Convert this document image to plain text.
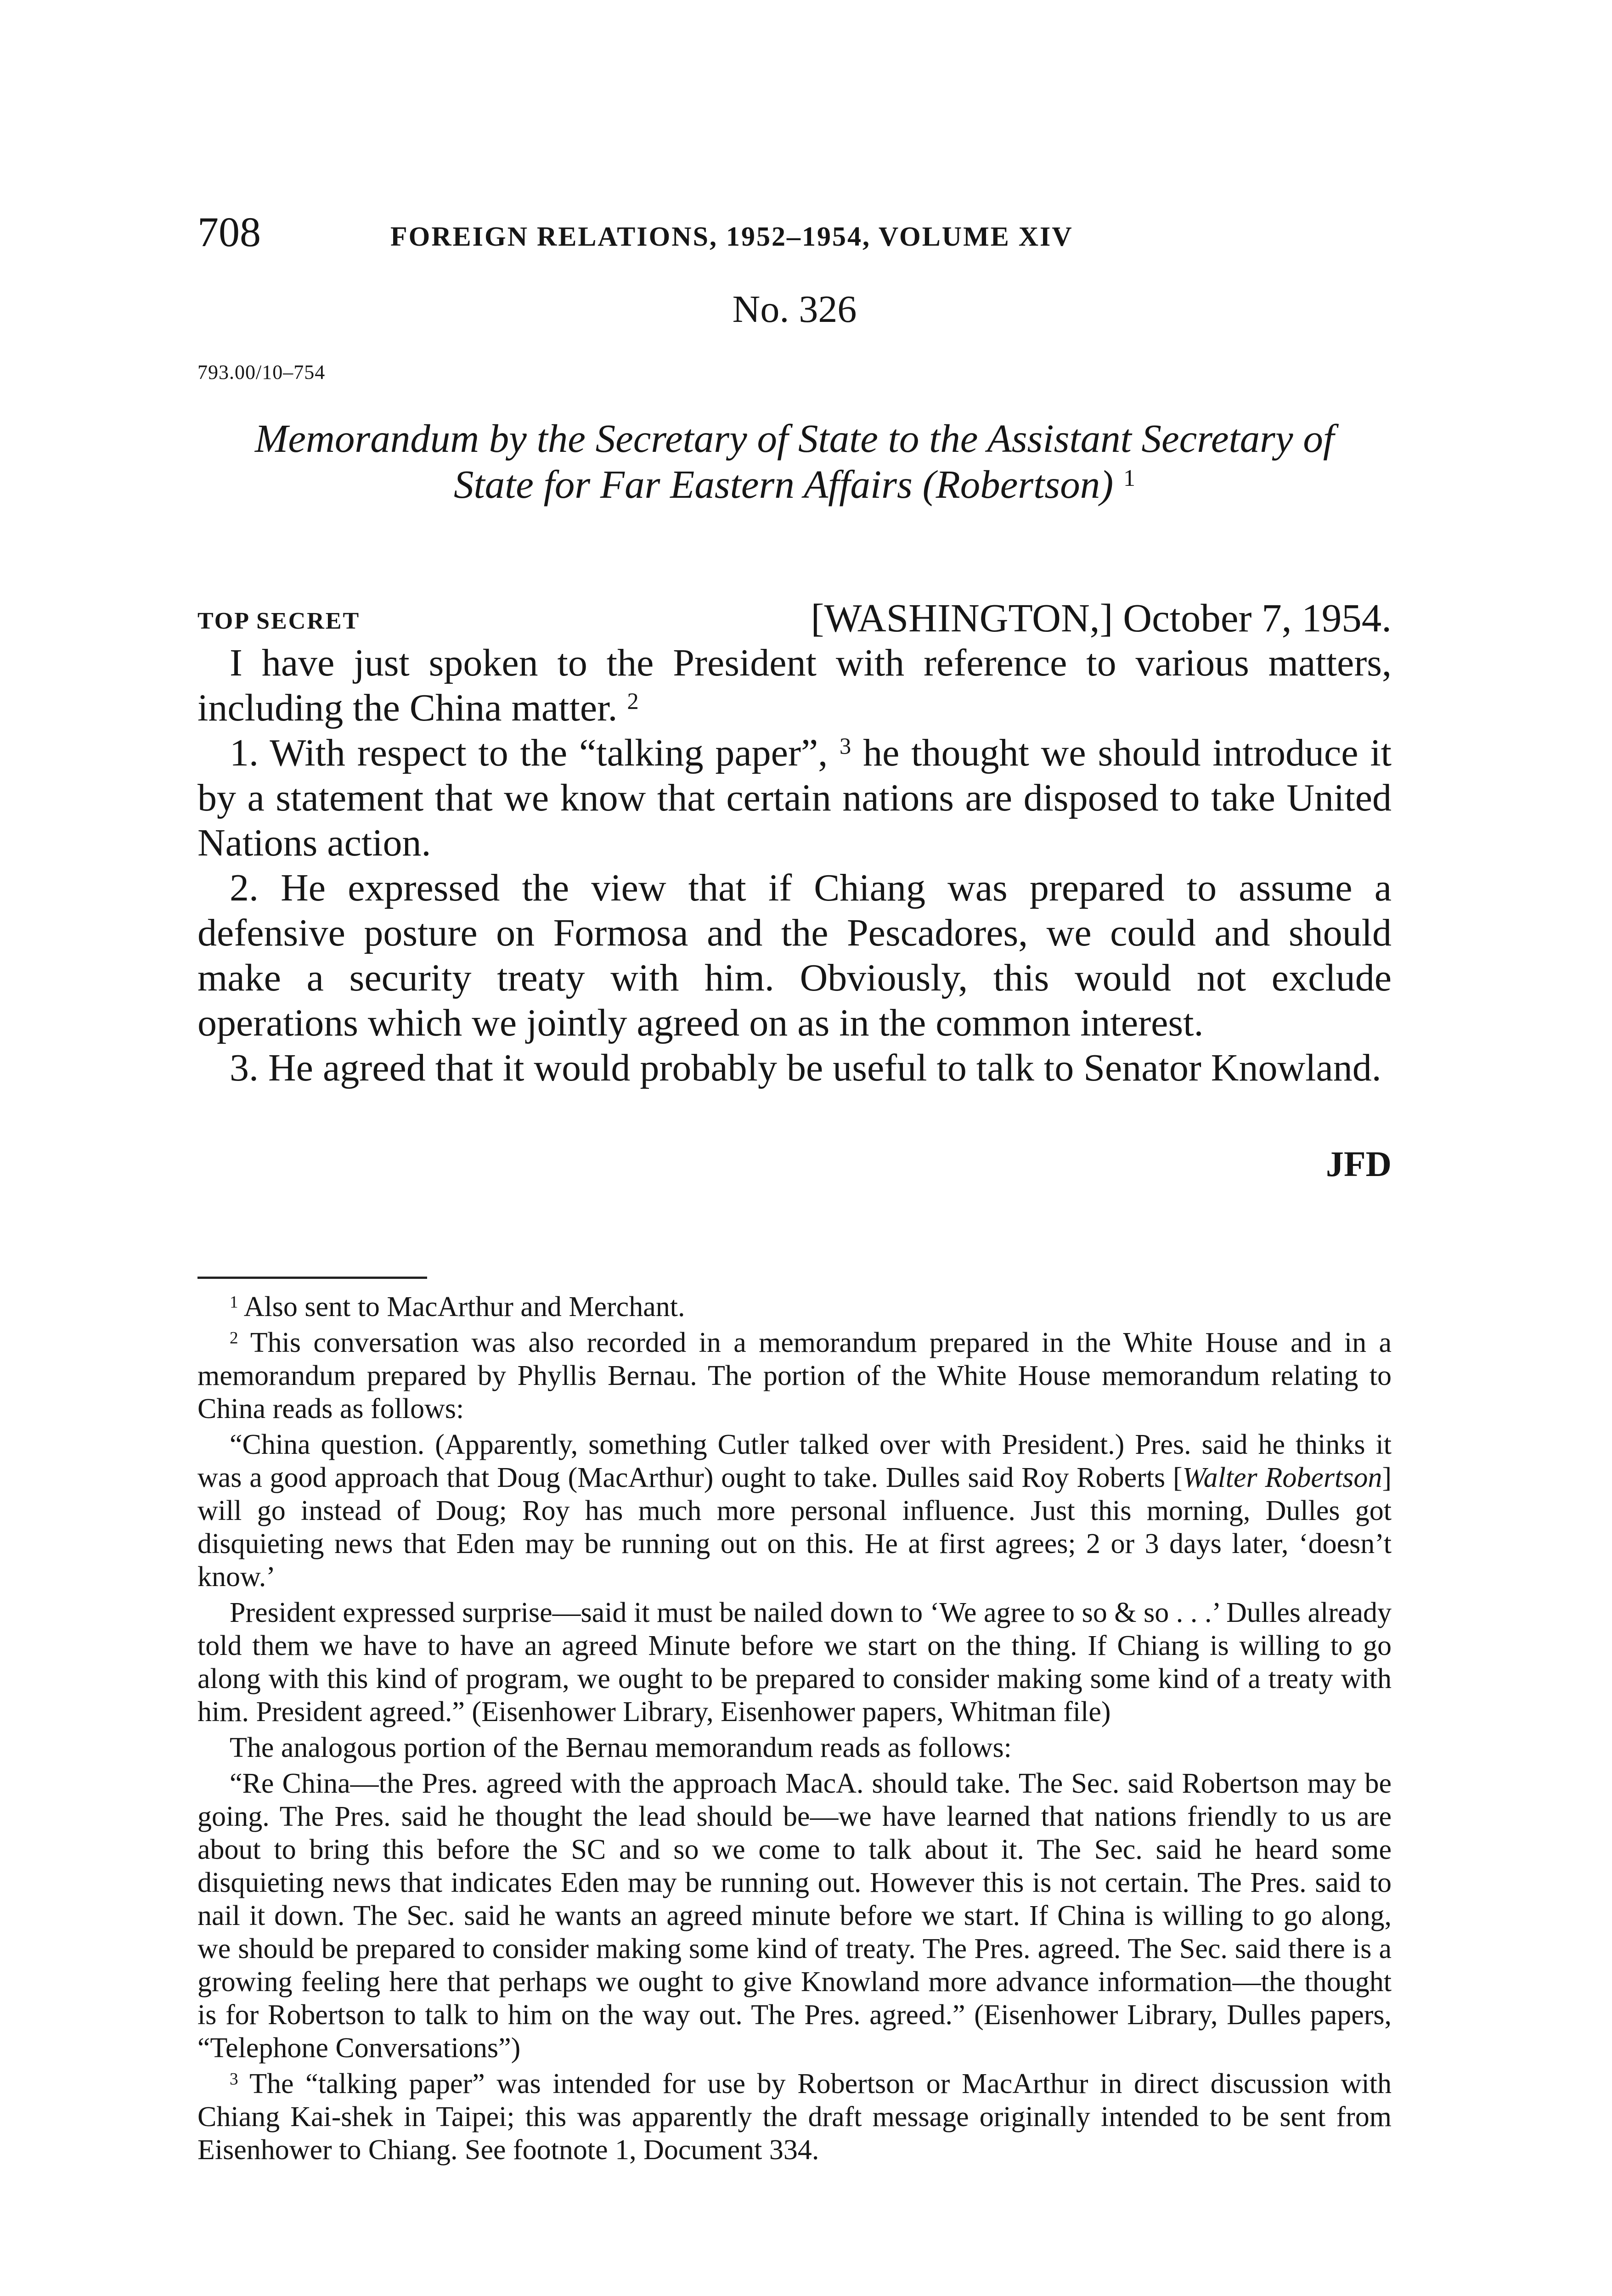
708	FOREIGN RELATIONS, 1952–1954, VOLUME XIV
No. 326
793.00/10–754
Memorandum by the Secretary of State to the Assistant Secretary of
State for Far Eastern Affairs (Robertson) $^1$
TOP SECRET	[WASHINGTON,] October 7, 1954.

I have just spoken to the President with reference to various matters, including the China matter. $^2$

1. With respect to the “talking paper”, $^3$ he thought we should introduce it by a statement that we know that certain nations are disposed to take United Nations action.

2. He expressed the view that if Chiang was prepared to assume a defensive posture on Formosa and the Pescadores, we could and should make a security treaty with him. Obviously, this would not exclude operations which we jointly agreed on as in the common interest.

3. He agreed that it would probably be useful to talk to Senator Knowland.

JFD

$^1$ Also sent to MacArthur and Merchant.

$^2$ This conversation was also recorded in a memorandum prepared in the White House and in a memorandum prepared by Phyllis Bernau. The portion of the White House memorandum relating to China reads as follows:

“China question. (Apparently, something Cutler talked over with President.) Pres. said he thinks it was a good approach that Doug (MacArthur) ought to take. Dulles said Roy Roberts [Walter Robertson] will go instead of Doug; Roy has much more personal influence. Just this morning, Dulles got disquieting news that Eden may be running out on this. He at first agrees; 2 or 3 days later, ‘doesn’t know.’

President expressed surprise—said it must be nailed down to ‘We agree to so & so . . .’ Dulles already told them we have to have an agreed Minute before we start on the thing. If Chiang is willing to go along with this kind of program, we ought to be prepared to consider making some kind of a treaty with him. President agreed.” (Eisenhower Library, Eisenhower papers, Whitman file)

The analogous portion of the Bernau memorandum reads as follows:

“Re China—the Pres. agreed with the approach MacA. should take. The Sec. said Robertson may be going. The Pres. said he thought the lead should be—we have learned that nations friendly to us are about to bring this before the SC and so we come to talk about it. The Sec. said he heard some disquieting news that indicates Eden may be running out. However this is not certain. The Pres. said to nail it down. The Sec. said he wants an agreed minute before we start. If China is willing to go along, we should be prepared to consider making some kind of treaty. The Pres. agreed. The Sec. said there is a growing feeling here that perhaps we ought to give Knowland more advance information—the thought is for Robertson to talk to him on the way out. The Pres. agreed.” (Eisenhower Library, Dulles papers, “Telephone Conversations”)

$^3$ The “talking paper” was intended for use by Robertson or MacArthur in direct discussion with Chiang Kai-shek in Taipei; this was apparently the draft message originally intended to be sent from Eisenhower to Chiang. See footnote 1, Document 334.
